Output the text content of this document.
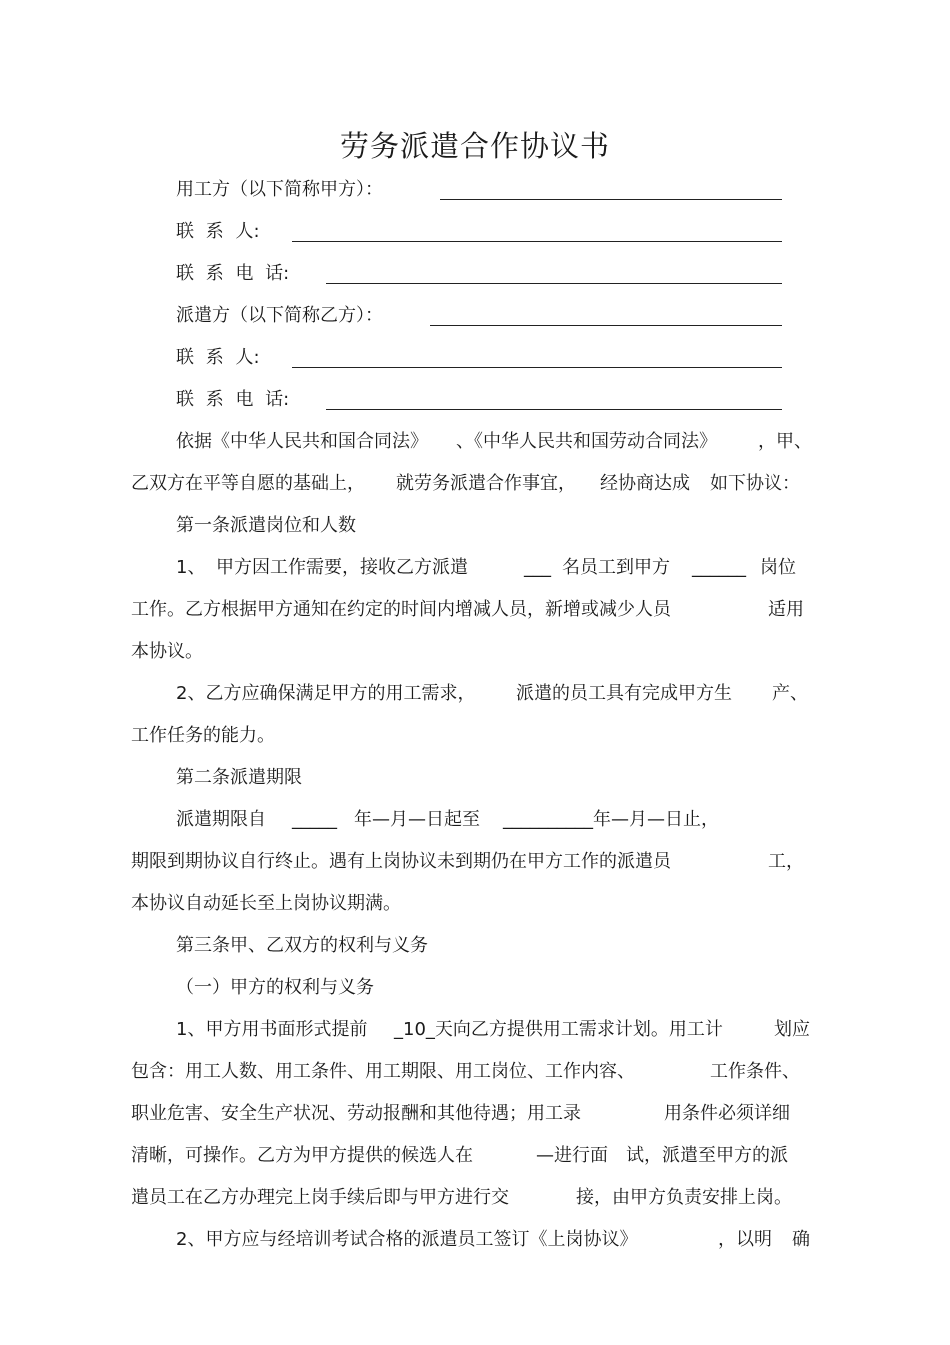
劳务派遣合作协议书
用工方（以下简称甲方）：
联 系 人:
联 系 电 话:
派遣方（以下简称乙方）：
联 系 人:
联 系 电 话:
依据《中华人民共和国合同法》 、《中华人民共和国劳动合同法》 ，甲、
乙双方在平等自愿的基础上， 就劳务派遣合作事宜， 经协商达成 如下协议：
第一条派遣岗位和人数
1、 甲方因工作需要，接收乙方派遣	___ 名员工到甲方 ______ 岗位
工作。乙方根据甲方通知在约定的时间内增减人员，新增或减少人员	适用
本协议。
2、乙方应确保满足甲方的用工需求， 派遣的员工具有完成甲方生 产、
工作任务的能力。
第二条派遣期限
派遣期限自 _____ 年—月—日起至 __________年—月—日止，
期限到期协议自行终止。遇有上岗协议未到期仍在甲方工作的派遣员	工，
本协议自动延长至上岗协议期满。
第三条甲、乙双方的权利与义务
（一）甲方的权利与义务
1、甲方用书面形式提前 _10_天向乙方提供用工需求计划。用工计	划应
包含：用工人数、用工条件、用工期限、用工岗位、工作内容、	工作条件、
职业危害、安全生产状况、劳动报酬和其他待遇；用工录	用条件必须详细
清晰，可操作。乙方为甲方提供的候选人在	—进行面 试，派遣至甲方的派
遣员工在乙方办理完上岗手续后即与甲方进行交	接，由甲方负责安排上岗。
2、甲方应与经培训考试合格的派遣员工签订《上岗协议》	，以明 确
